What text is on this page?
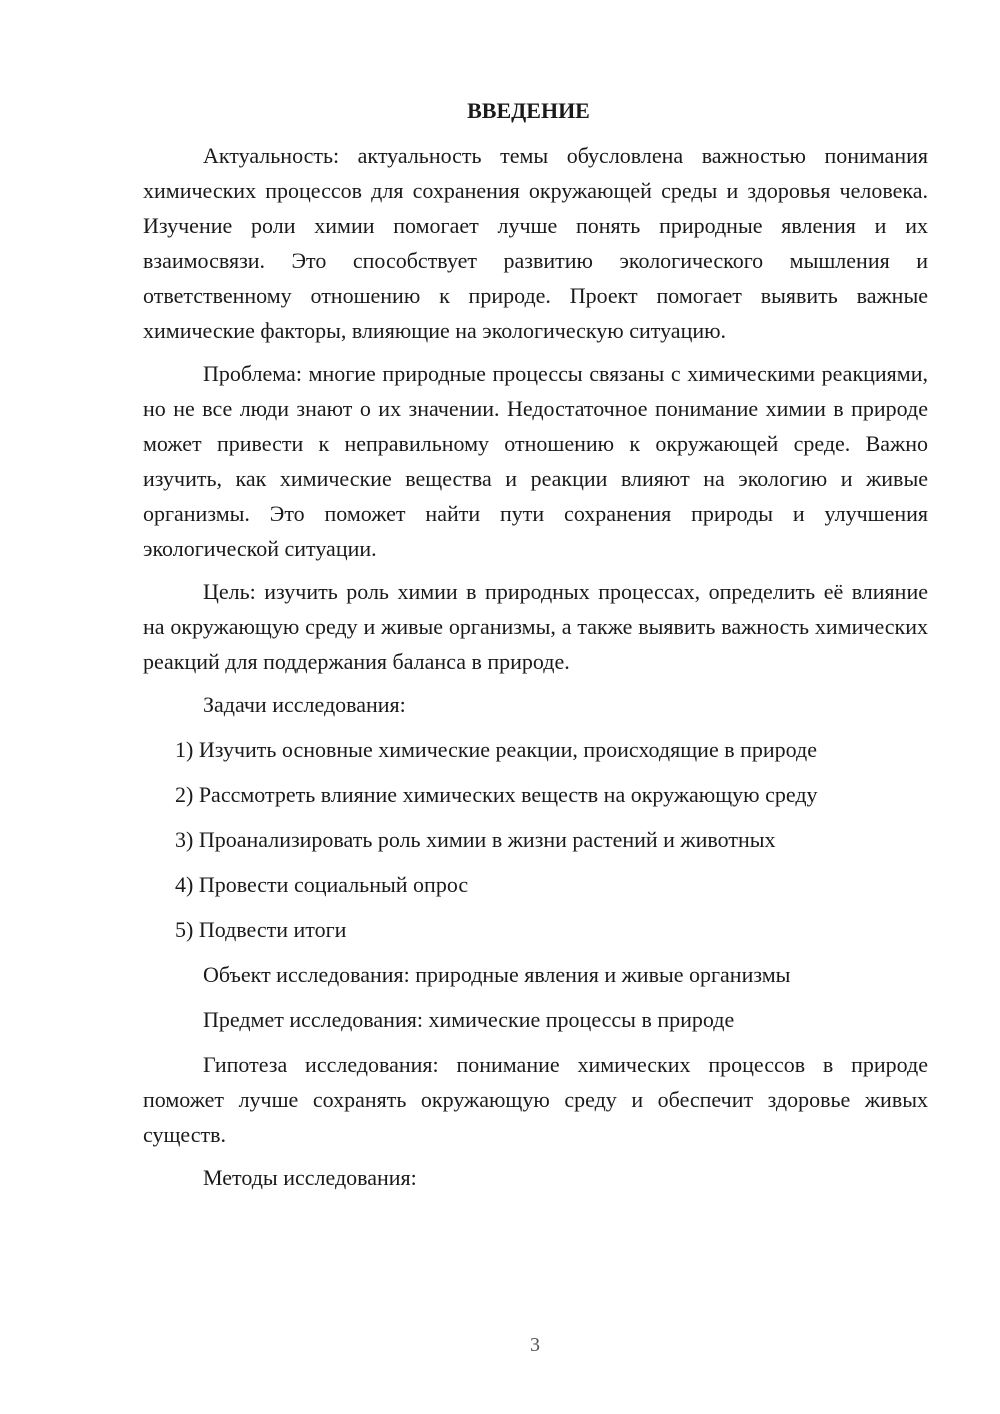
ВВЕДЕНИЕ

Актуальность: актуальность темы обусловлена важностью понимания химических процессов для сохранения окружающей среды и здоровья человека. Изучение роли химии помогает лучше понять природные явления и их взаимосвязи. Это способствует развитию экологического мышления и ответственному отношению к природе. Проект помогает выявить важные химические факторы, влияющие на экологическую ситуацию.

Проблема: многие природные процессы связаны с химическими реакциями, но не все люди знают о их значении. Недостаточное понимание химии в природе может привести к неправильному отношению к окружающей среде. Важно изучить, как химические вещества и реакции влияют на экологию и живые организмы. Это поможет найти пути сохранения природы и улучшения экологической ситуации.

Цель: изучить роль химии в природных процессах, определить её влияние на окружающую среду и живые организмы, а также выявить важность химических реакций для поддержания баланса в природе.

Задачи исследования:

1) Изучить основные химические реакции, происходящие в природе

2) Рассмотреть влияние химических веществ на окружающую среду

3) Проанализировать роль химии в жизни растений и животных

4) Провести социальный опрос

5) Подвести итоги

Объект исследования: природные явления и живые организмы

Предмет исследования: химические процессы в природе

Гипотеза исследования: понимание химических процессов в природе поможет лучше сохранять окружающую среду и обеспечит здоровье живых существ.

Методы исследования:

3
